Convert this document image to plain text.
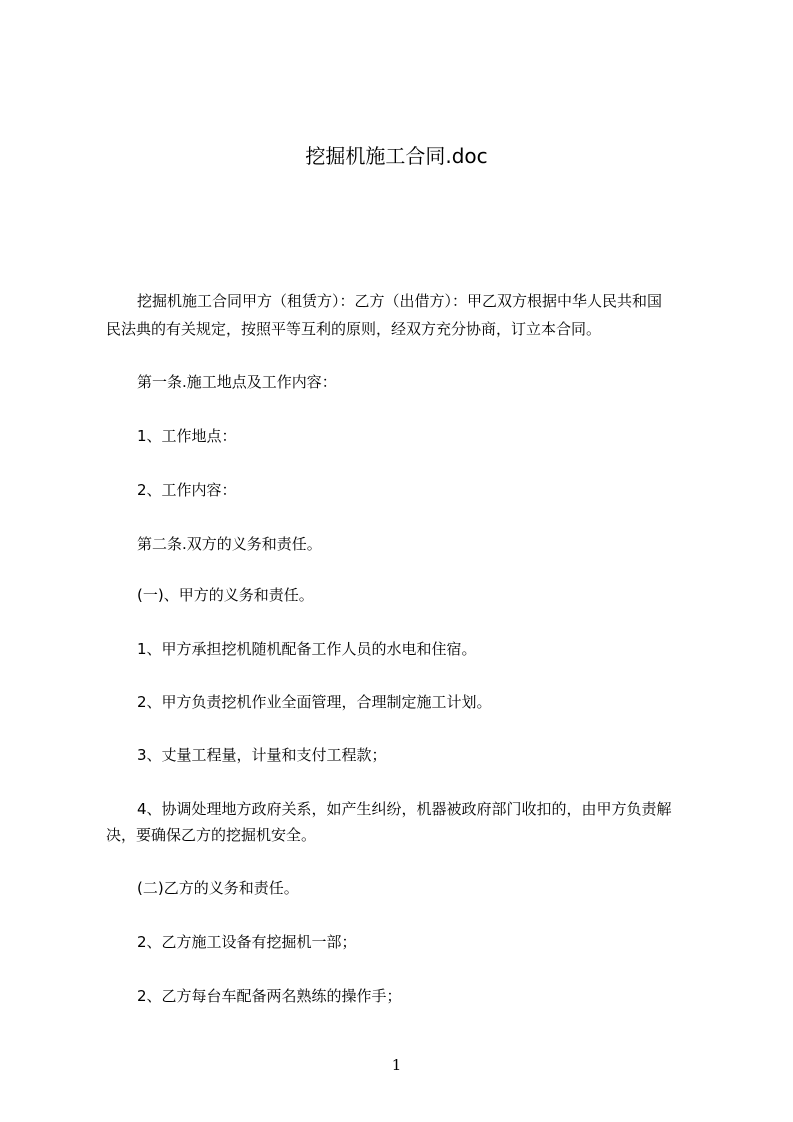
挖掘机施工合同.doc
挖掘机施工合同甲方（租赁方）：乙方（出借方）：甲乙双方根据中华人民共和国
民法典的有关规定，按照平等互利的原则，经双方充分协商，订立本合同。
第一条.施工地点及工作内容：
1、工作地点：
2、工作内容：
第二条.双方的义务和责任。
(一)、甲方的义务和责任。
1、甲方承担挖机随机配备工作人员的水电和住宿。
2、甲方负责挖机作业全面管理，合理制定施工计划。
3、丈量工程量，计量和支付工程款；
4、协调处理地方政府关系，如产生纠纷，机器被政府部门收扣的，由甲方负责解
决，要确保乙方的挖掘机安全。
(二)乙方的义务和责任。
2、乙方施工设备有挖掘机一部；
2、乙方每台车配备两名熟练的操作手；
1
